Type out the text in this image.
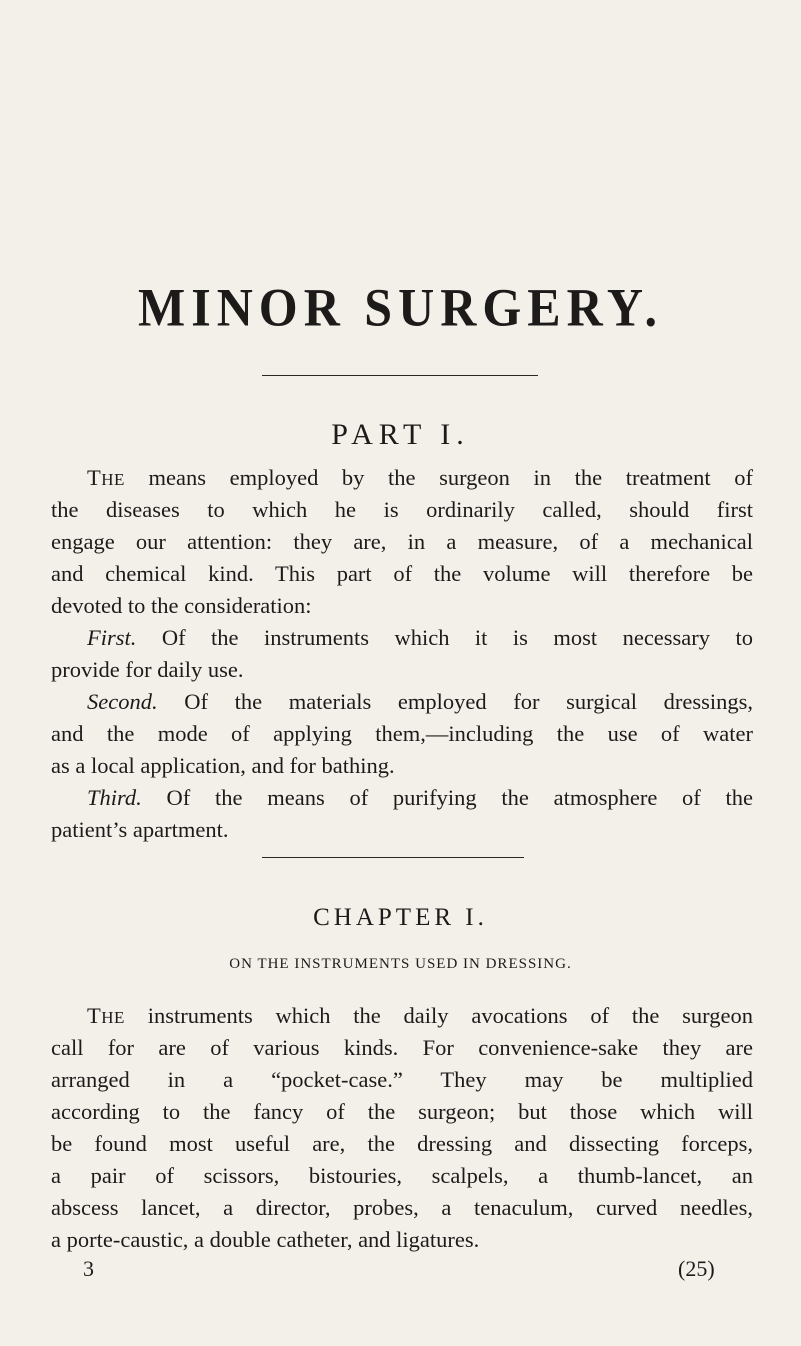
MINOR SURGERY.
PART I.
THE means employed by the surgeon in the treatment of
the diseases to which he is ordinarily called, should first
engage our attention: they are, in a measure, of a mechanical
and chemical kind. This part of the volume will therefore be
devoted to the consideration:
First. Of the instruments which it is most necessary to
provide for daily use.
Second. Of the materials employed for surgical dressings,
and the mode of applying them,—including the use of water
as a local application, and for bathing.
Third. Of the means of purifying the atmosphere of the
patient’s apartment.
CHAPTER I.
ON THE INSTRUMENTS USED IN DRESSING.
THE instruments which the daily avocations of the surgeon
call for are of various kinds. For convenience-sake they are
arranged in a “pocket-case.” They may be multiplied
according to the fancy of the surgeon; but those which will
be found most useful are, the dressing and dissecting forceps,
a pair of scissors, bistouries, scalpels, a thumb-lancet, an
abscess lancet, a director, probes, a tenaculum, curved needles,
a porte-caustic, a double catheter, and ligatures.
3	(25)
